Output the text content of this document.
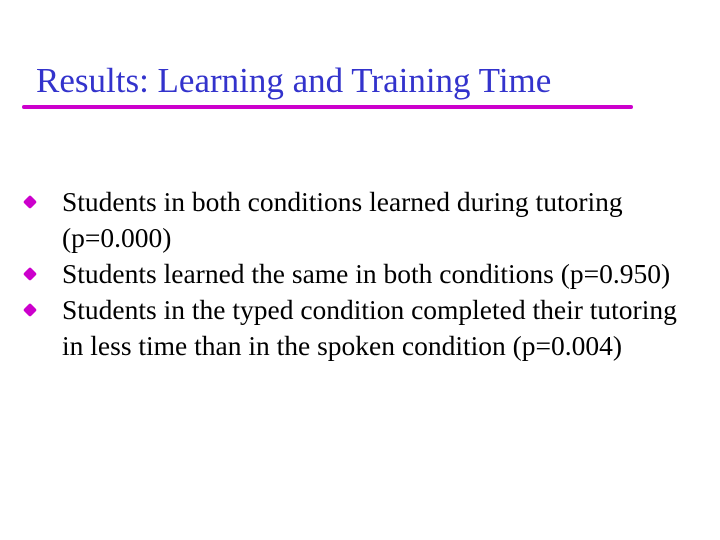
Results: Learning and Training Time
Students in both conditions learned during tutoring (p=0.000)
Students learned the same in both conditions (p=0.950)
Students in the typed condition completed their tutoring in less time than in the spoken condition (p=0.004)
